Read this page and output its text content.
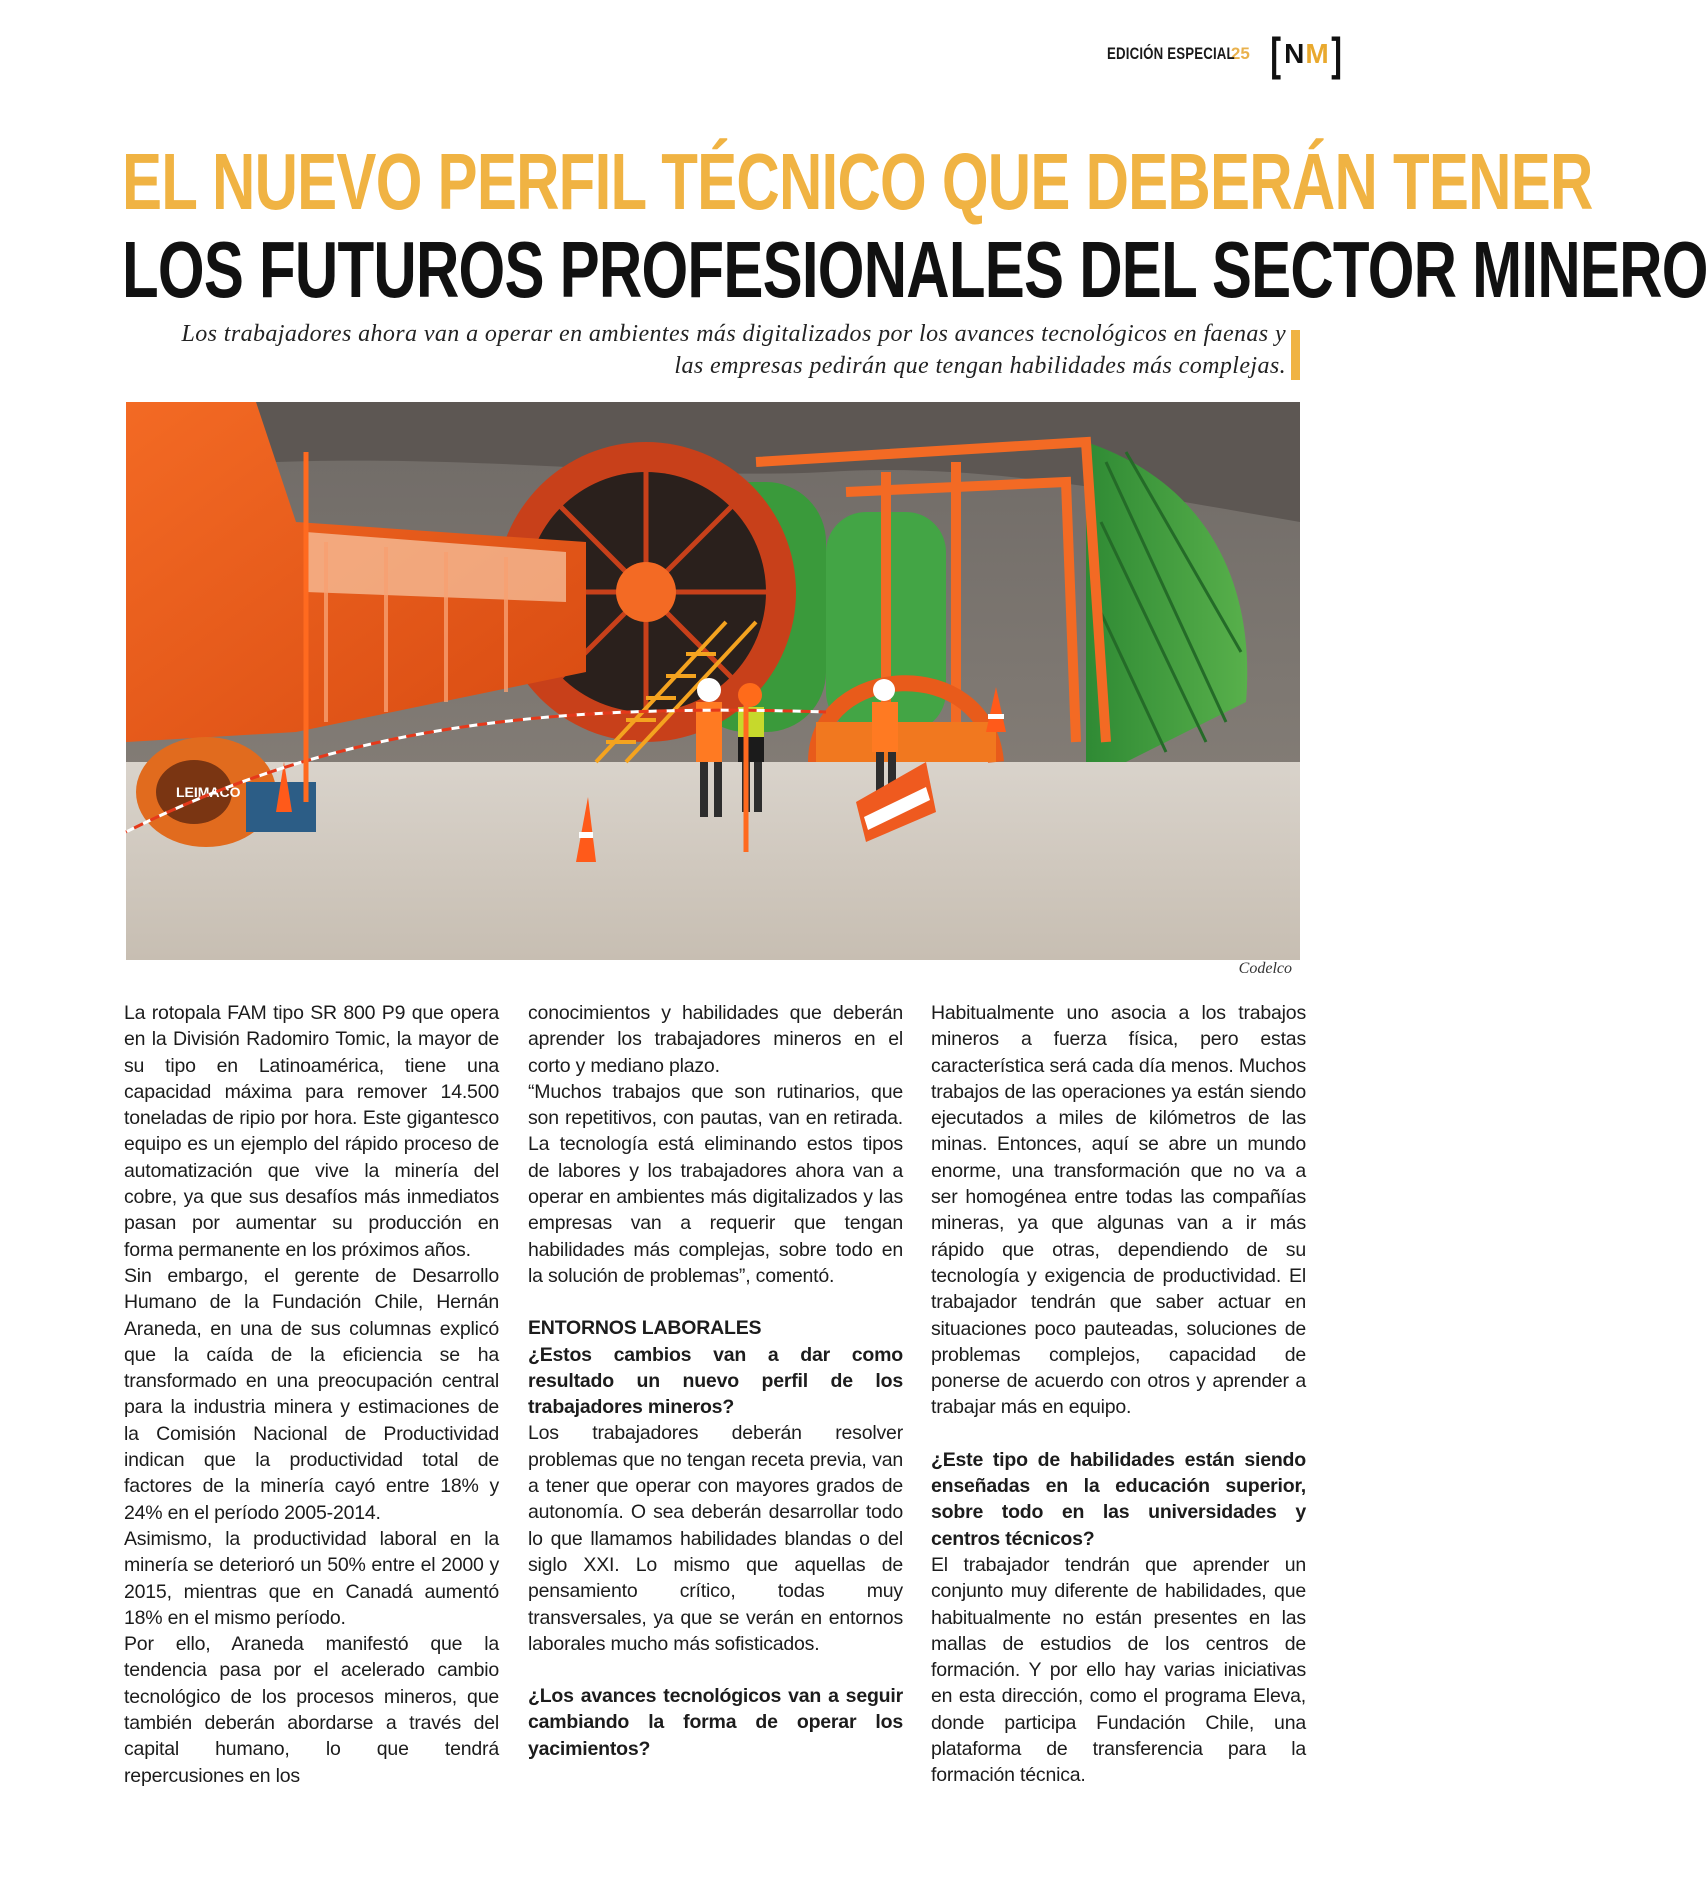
EDICIÓN ESPECIAL
25 [ N M ]
EL NUEVO PERFIL TÉCNICO QUE DEBERÁN TENER
LOS FUTUROS PROFESIONALES DEL SECTOR MINERO
Los trabajadores ahora van a operar en ambientes más digitalizados por los avances tecnológicos en faenas y las empresas pedirán que tengan habilidades más complejas.
LEIMACO
Codelco

La rotopala FAM tipo SR 800 P9 que opera en la División Radomiro Tomic, la mayor de su tipo en Latinoamérica, tiene una capacidad máxima para remover 14.500 toneladas de ripio por hora. Este gigantesco equipo es un ejemplo del rápido proceso de automatización que vive la minería del cobre, ya que sus desafíos más inmediatos pasan por aumentar su producción en forma permanente en los próximos años.

Sin embargo, el gerente de Desarrollo Humano de la Fundación Chile, Hernán Araneda, en una de sus columnas explicó que la caída de la eficiencia se ha transformado en una preocupación central para la industria minera y estimaciones de la Comisión Nacional de Productividad indican que la productividad total de factores de la minería cayó entre 18% y 24% en el período 2005-2014.

Asimismo, la productividad laboral en la minería se deterioró un 50% entre el 2000 y 2015, mientras que en Canadá aumentó 18% en el mismo período.

Por ello, Araneda manifestó que la tendencia pasa por el acelerado cambio tecnológico de los procesos mineros, que también deberán abordarse a través del capital humano, lo que tendrá repercusiones en los

conocimientos y habilidades que deberán aprender los trabajadores mineros en el corto y mediano plazo.

“Muchos trabajos que son rutinarios, que son repetitivos, con pautas, van en retirada. La tecnología está eliminando estos tipos de labores y los trabajadores ahora van a operar en ambientes más digitalizados y las empresas van a requerir que tengan habilidades más complejas, sobre todo en la solución de problemas”, comentó.

ENTORNOS LABORALES

¿Estos cambios van a dar como resultado un nuevo perfil de los trabajadores mineros?

Los trabajadores deberán resolver problemas que no tengan receta previa, van a tener que operar con mayores grados de autonomía. O sea deberán desarrollar todo lo que llamamos habilidades blandas o del siglo XXI. Lo mismo que aquellas de pensamiento crítico, todas muy transversales, ya que se verán en entornos laborales mucho más sofisticados.

¿Los avances tecnológicos van a seguir cambiando la forma de operar los yacimientos?

Habitualmente uno asocia a los trabajos mineros a fuerza física, pero estas característica será cada día menos. Muchos trabajos de las operaciones ya están siendo ejecutados a miles de kilómetros de las minas. Entonces, aquí se abre un mundo enorme, una transformación que no va a ser homogénea entre todas las compañías mineras, ya que algunas van a ir más rápido que otras, dependiendo de su tecnología y exigencia de productividad. El trabajador tendrán que saber actuar en situaciones poco pauteadas, soluciones de problemas complejos, capacidad de ponerse de acuerdo con otros y aprender a trabajar más en equipo.

¿Este tipo de habilidades están siendo enseñadas en la educación superior, sobre todo en las universidades y centros técnicos?

El trabajador tendrán que aprender un conjunto muy diferente de habilidades, que habitualmente no están presentes en las mallas de estudios de los centros de formación. Y por ello hay varias iniciativas en esta dirección, como el programa Eleva, donde participa Fundación Chile, una plataforma de transferencia para la formación técnica.
